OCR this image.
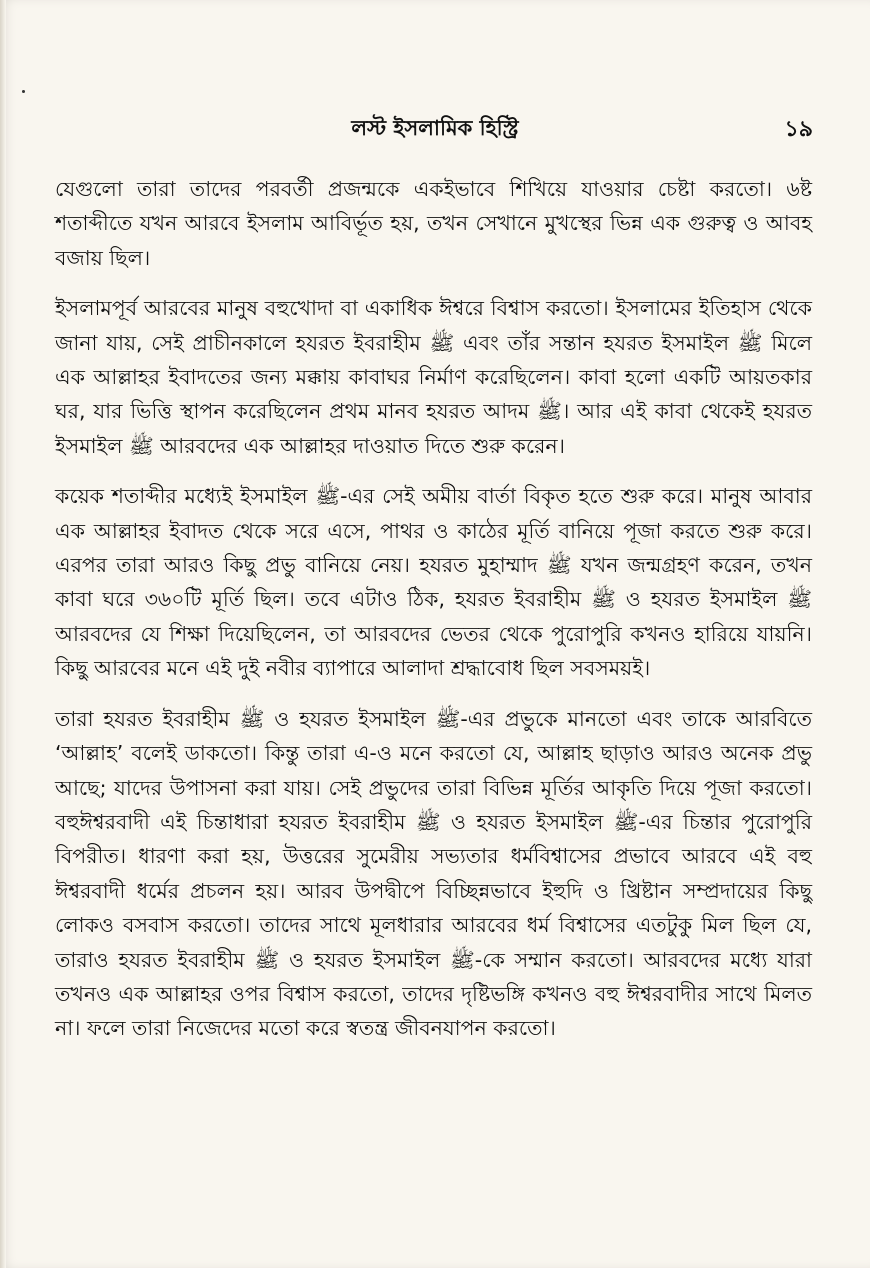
লস্ট ইসলামিক হিস্ট্রি	১৯

যেগুলো তারা তাদের পরবর্তী প্রজন্মকে একইভাবে শিখিয়ে যাওয়ার চেষ্টা করতো। ৬ষ্ট শতাব্দীতে যখন আরবে ইসলাম আবির্ভূত হয়, তখন সেখানে মুখস্থের ভিন্ন এক গুরুত্ব ও আবহ বজায় ছিল।

ইসলামপূর্ব আরবের মানুষ বহুখোদা বা একাধিক ঈশ্বরে বিশ্বাস করতো। ইসলামের ইতিহাস থেকে জানা যায়, সেই প্রাচীনকালে হযরত ইবরাহীম ﷺ এবং তাঁর সন্তান হযরত ইসমাইল ﷺ মিলে এক আল্লাহর ইবাদতের জন্য মক্কায় কাবাঘর নির্মাণ করেছিলেন। কাবা হলো একটি আয়তকার ঘর, যার ভিত্তি স্থাপন করেছিলেন প্রথম মানব হযরত আদম ﷺ। আর এই কাবা থেকেই হযরত ইসমাইল ﷺ আরবদের এক আল্লাহর দাওয়াত দিতে শুরু করেন।

কয়েক শতাব্দীর মধ্যেই ইসমাইল ﷺ-এর সেই অমীয় বার্তা বিকৃত হতে শুরু করে। মানুষ আবার এক আল্লাহর ইবাদত থেকে সরে এসে, পাথর ও কাঠের মূর্তি বানিয়ে পূজা করতে শুরু করে। এরপর তারা আরও কিছু প্রভু বানিয়ে নেয়। হযরত মুহাম্মাদ ﷺ যখন জন্মগ্রহণ করেন, তখন কাবা ঘরে ৩৬০টি মূর্তি ছিল। তবে এটাও ঠিক, হযরত ইবরাহীম ﷺ ও হযরত ইসমাইল ﷺ আরবদের যে শিক্ষা দিয়েছিলেন, তা আরবদের ভেতর থেকে পুরোপুরি কখনও হারিয়ে যায়নি। কিছু আরবের মনে এই দুই নবীর ব্যাপারে আলাদা শ্রদ্ধাবোধ ছিল সবসময়ই।

তারা হযরত ইবরাহীম ﷺ ও হযরত ইসমাইল ﷺ-এর প্রভুকে মানতো এবং তাকে আরবিতে ‘আল্লাহ’ বলেই ডাকতো। কিন্তু তারা এ-ও মনে করতো যে, আল্লাহ ছাড়াও আরও অনেক প্রভু আছে; যাদের উপাসনা করা যায়। সেই প্রভুদের তারা বিভিন্ন মূর্তির আকৃতি দিয়ে পূজা করতো। বহুঈশ্বরবাদী এই চিন্তাধারা হযরত ইবরাহীম ﷺ ও হযরত ইসমাইল ﷺ-এর চিন্তার পুরোপুরি বিপরীত। ধারণা করা হয়, উত্তরের সুমেরীয় সভ্যতার ধর্মবিশ্বাসের প্রভাবে আরবে এই বহু ঈশ্বরবাদী ধর্মের প্রচলন হয়। আরব উপদ্বীপে বিচ্ছিন্নভাবে ইহুদি ও খ্রিষ্টান সম্প্রদায়ের কিছু লোকও বসবাস করতো। তাদের সাথে মূলধারার আরবের ধর্ম বিশ্বাসের এতটুকু মিল ছিল যে, তারাও হযরত ইবরাহীম ﷺ ও হযরত ইসমাইল ﷺ-কে সম্মান করতো। আরবদের মধ্যে যারা তখনও এক আল্লাহর ওপর বিশ্বাস করতো, তাদের দৃষ্টিভঙ্গি কখনও বহু ঈশ্বরবাদীর সাথে মিলত না। ফলে তারা নিজেদের মতো করে স্বতন্ত্র জীবনযাপন করতো।
